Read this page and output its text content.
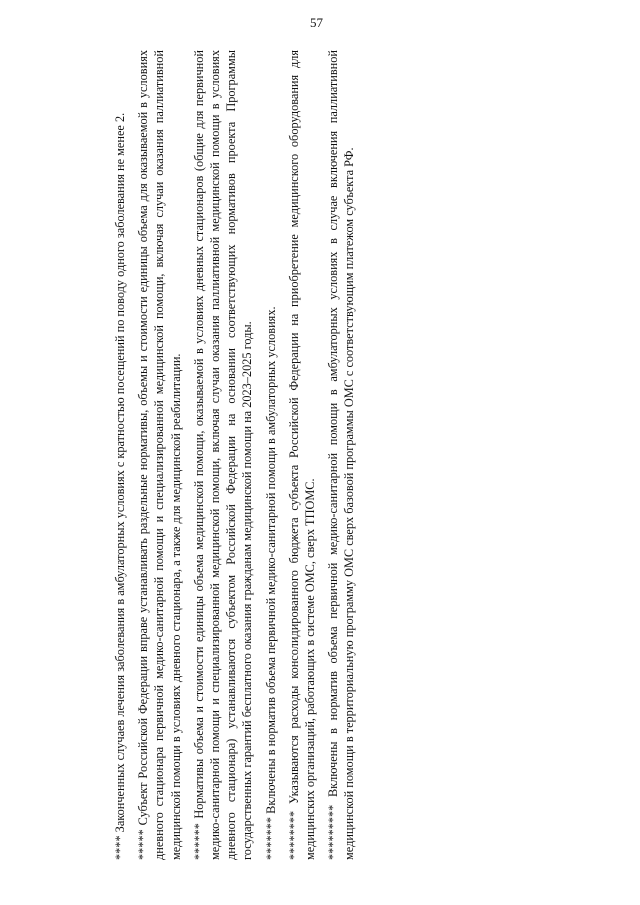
57

**** Законченных случаев лечения заболевания в амбулаторных условиях с кратностью посещений по поводу одного заболевания не менее 2. ***** Субъект Российской Федерации вправе устанавливать раздельные нормативы, объемы и стоимости единицы объема для оказываемой в условиях дневного стационара первичной медико-санитарной помощи и специализированной медицинской помощи, включая случаи оказания паллиативной медицинской помощи в условиях дневного стационара, а также для медицинской реабилитации. ****** Нормативы объема и стоимости единицы объема медицинской помощи, оказываемой в условиях дневных стационаров (общие для первичной медико-санитарной помощи и специализированной медицинской помощи, включая случаи оказания паллиативной медицинской помощи в условиях дневного стационара) устанавливаются субъектом Российской Федерации на основании соответствующих нормативов проекта Программы государственных гарантий бесплатного оказания гражданам медицинской помощи на 2023–2025 годы. ******* Включены в норматив объема первичной медико-санитарной помощи в амбулаторных условиях. ******** Указываются расходы консолидированного бюджета субъекта Российской Федерации на приобретение медицинского оборудования для медицинских организаций, работающих в системе ОМС, сверх ТПОМС. ********* Включены в норматив объема первичной медико-санитарной помощи в амбулаторных условиях в случае включения паллиативной медицинской помощи в территориальную программу ОМС сверх базовой программы ОМС с соответствующим платежом субъекта РФ.
